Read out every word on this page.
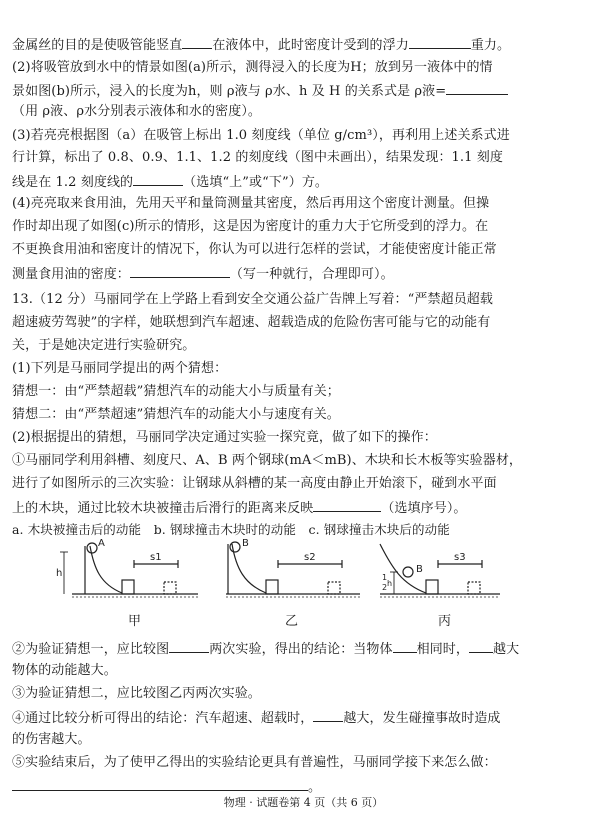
金属丝的目的是使吸管能竖直 在液体中，此时密度计受到的浮力	重力。
(2)将吸管放到水中的情景如图(a)所示，测得浸入的长度为H；放到另一液体中的情
景如图(b)所示，浸入的长度为h，则 ρ液与 ρ水、h 及 H 的关系式是 ρ液=
（用 ρ液、ρ水分别表示液体和水的密度）。
(3)若亮亮根据图（a）在吸管上标出 1.0 刻度线（单位 g/cm³），再利用上述关系式进
行计算，标出了 0.8、0.9、1.1、1.2 的刻度线（图中未画出），结果发现：1.1 刻度
线是在 1.2 刻度线的	（选填“上”或“下”）方。
(4)亮亮取来食用油，先用天平和量筒测量其密度，然后再用这个密度计测量。但操
作时却出现了如图(c)所示的情形，这是因为密度计的重力大于它所受到的浮力。在
不更换食用油和密度计的情况下，你认为可以进行怎样的尝试，才能使密度计能正常
测量食用油的密度：	（写一种就行，合理即可）。
13.（12 分）马丽同学在上学路上看到安全交通公益广告牌上写着：“严禁超员超载
超速疲劳驾驶”的字样，她联想到汽车超速、超载造成的危险伤害可能与它的动能有
关，于是她决定进行实验研究。
(1)下列是马丽同学提出的两个猜想：
猜想一：由“严禁超载”猜想汽车的动能大小与质量有关；
猜想二：由“严禁超速”猜想汽车的动能大小与速度有关。
(2)根据提出的猜想，马丽同学决定通过实验一探究竟，做了如下的操作：
①马丽同学利用斜槽、刻度尺、A、B 两个钢球(mA＜mB)、木块和长木板等实验器材，
进行了如图所示的三次实验：让钢球从斜槽的某一高度由静止开始滚下，碰到水平面
上的木块，通过比较木块被撞击后滑行的距离来反映	（选填序号）。
a. 木块被撞击后的动能　b. 钢球撞击木块时的动能　c. 钢球撞击木块后的动能
A
h
s1
B
s2
B
1
2 h
s3
甲	乙	丙
②为验证猜想一，应比较图	两次实验，得出的结论：当物体 相同时， 越大
物体的动能越大。
③为验证猜想二，应比较图乙丙两次实验。
④通过比较分析可得出的结论：汽车超速、超载时， 越大，发生碰撞事故时造成
的伤害越大。
⑤实验结束后，为了使甲乙得出的实验结论更具有普遍性，马丽同学接下来怎么做：
。
物理 · 试题卷第 4 页（共 6 页）
